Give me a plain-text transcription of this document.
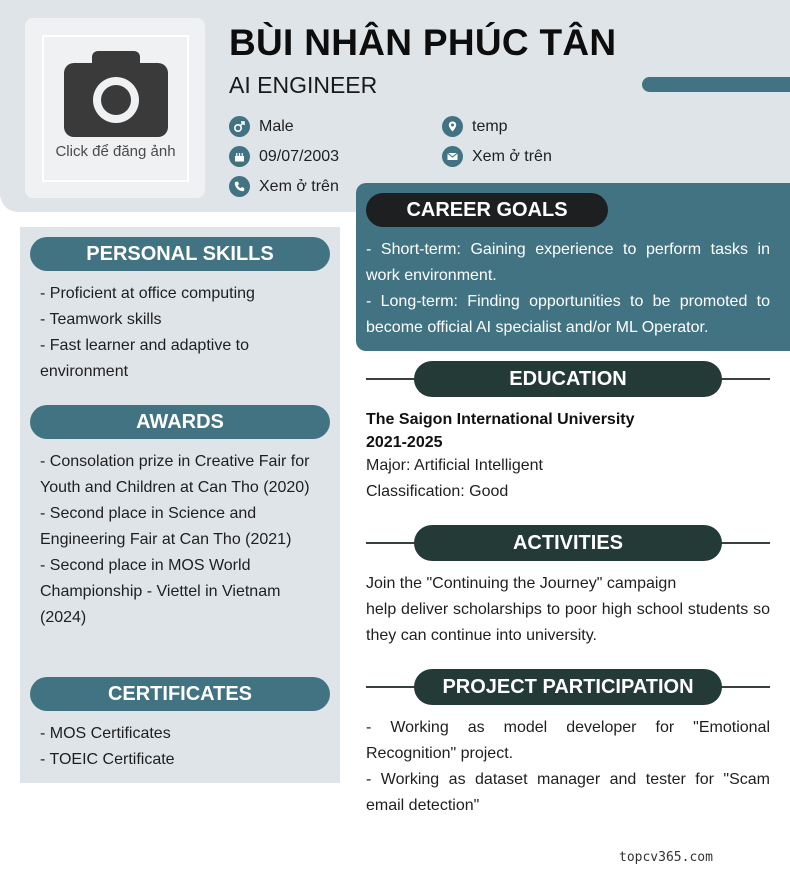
Click để đăng ảnh
BÙI NHÂN PHÚC TÂN
AI ENGINEER
Male	temp
09/07/2003	Xem ở trên
Xem ở trên
PERSONAL SKILLS
- Proficient at office computing
- Teamwork skills
- Fast learner and adaptive to environment
AWARDS
- Consolation prize in Creative Fair for Youth and Children at Can Tho (2020)
- Second place in Science and Engineering Fair at Can Tho (2021)
- Second place in MOS World Championship - Viettel in Vietnam (2024)
CERTIFICATES
- MOS Certificates
- TOEIC Certificate
CAREER GOALS

- Short-term: Gaining experience to perform tasks in work environment.

- Long-term: Finding opportunities to be promoted to become official AI specialist and/or ML Operator.

EDUCATION
The Saigon International University
2021-2025
Major: Artificial Intelligent
Classification: Good
ACTIVITIES

Join the "Continuing the Journey" campaign

help deliver scholarships to poor high school students so they can continue into university.

PROJECT PARTICIPATION

- Working as model developer for "Emotional Recognition" project.

- Working as dataset manager and tester for "Scam email detection"

topcv365.com
